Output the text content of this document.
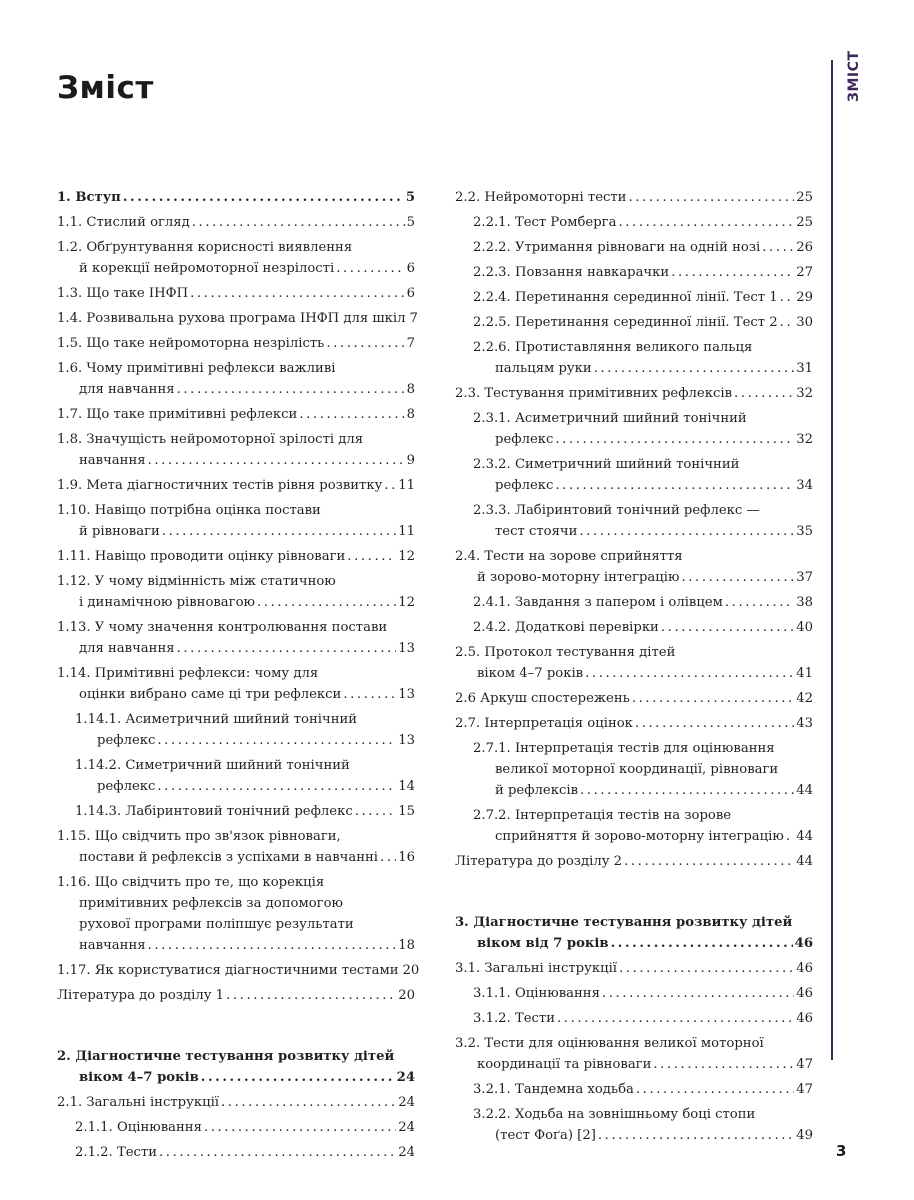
Зміст	ЗМІСТ
1. Вступ .....	5
1.1. Стислий огляд .....	5
1.2. Обґрунтування корисності виявлення
й корекції нейромоторної незрілості .....	6
1.3. Що таке ІНФП .....	6
1.4. Розвивальна рухова програма ІНФП для шкіл 7
1.5. Що таке нейромоторна незрілість .....	7
1.6. Чому примітивні рефлекси важливі
для навчання .....	8
1.7. Що таке примітивні рефлекси .....	8
1.8. Значущість нейромоторної зрілості для
навчання .....	9
1.9. Мета діагностичних тестів рівня розвитку ..... 11
1.10. Навіщо потрібна оцінка постави
й рівноваги .....	11
1.11. Навіщо проводити оцінку рівноваги .....	12
1.12. У чому відмінність між статичною
і динамічною рівновагою .....	12
1.13. У чому значення контролювання постави
для навчання .....	13
1.14. Примітивні рефлекси: чому для
оцінки вибрано саме ці три рефлекси .....	13
1.14.1. Асиметричний шийний тонічний
рефлекс .....	13
1.14.2. Симетричний шийний тонічний
рефлекс .....	14
1.14.3. Лабіринтовий тонічний рефлекс .....	15
1.15. Що свідчить про зв'язок рівноваги,
постави й рефлексів з успіхами в навчанні ..... 16
1.16. Що свідчить про те, що корекція
примітивних рефлексів за допомогою
рухової програми поліпшує результати
навчання .....	18
1.17. Як користуватися діагностичними тестами 20
Література до розділу 1 .....	20
2. Діагностичне тестування розвитку дітей
віком 4–7 років .....	24
2.1. Загальні інструкції .....	24
2.1.1. Оцінювання .....	24
2.1.2. Тести .....	24
2.2. Нейромоторні тести .....	25
2.2.1. Тест Ромберга .....	25
2.2.2. Утримання рівноваги на одній нозі .....	26
2.2.3. Повзання навкарачки .....	27
2.2.4. Перетинання серединної лінії. Тест 1 ..... 29
2.2.5. Перетинання серединної лінії. Тест 2 ..... 30
2.2.6. Протиставляння великого пальця
пальцям руки .....	31
2.3. Тестування примітивних рефлексів .....	32
2.3.1. Асиметричний шийний тонічний
рефлекс .....	32
2.3.2. Симетричний шийний тонічний
рефлекс .....	34
2.3.3. Лабіринтовий тонічний рефлекс —
тест стоячи .....	35
2.4. Тести на зорове сприйняття
й зорово-моторну інтеграцію .....	37
2.4.1. Завдання з папером і олівцем .....	38
2.4.2. Додаткові перевірки .....	40
2.5. Протокол тестування дітей
віком 4–7 років .....	41
2.6 Аркуш спостережень .....	42
2.7. Інтерпретація оцінок .....	43
2.7.1. Інтерпретація тестів для оцінювання
великої моторної координації, рівноваги
й рефлексів .....	44
2.7.2. Інтерпретація тестів на зорове
сприйняття й зорово-моторну інтеграцію ..... 44
Література до розділу 2 .....	44
3. Діагностичне тестування розвитку дітей
віком від 7 років .....	46
3.1. Загальні інструкції .....	46
3.1.1. Оцінювання .....	46
3.1.2. Тести .....	46
3.2. Тести для оцінювання великої моторної
координації та рівноваги .....	47
3.2.1. Тандемна ходьба .....	47
3.2.2. Ходьба на зовнішньому боці стопи
(тест Фоґа) [2] .....	49
3
